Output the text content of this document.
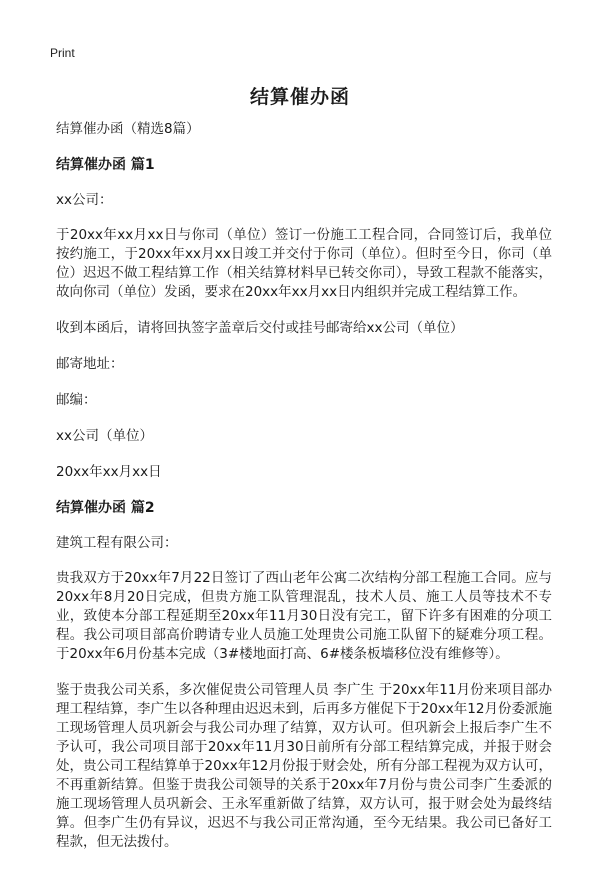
Print
结算催办函

结算催办函（精选8篇）

结算催办函 篇1

xx公司：

于20xx年xx月xx日与你司（单位）签订一份施工工程合同，合同签订后，我单位按约施工，于20xx年xx月xx日竣工并交付于你司（单位）。但时至今日，你司（单位）迟迟不做工程结算工作（相关结算材料早已转交你司），导致工程款不能落实，故向你司（单位）发函，要求在20xx年xx月xx日内组织并完成工程结算工作。

收到本函后，请将回执签字盖章后交付或挂号邮寄给xx公司（单位）

邮寄地址：

邮编：

xx公司（单位）

20xx年xx月xx日

结算催办函 篇2

建筑工程有限公司：

贵我双方于20xx年7月22日签订了西山老年公寓二次结构分部工程施工合同。应与20xx年8月20日完成，但贵方施工队管理混乱，技术人员、施工人员等技术不专业，致使本分部工程延期至20xx年11月30日没有完工，留下许多有困难的分项工程。我公司项目部高价聘请专业人员施工处理贵公司施工队留下的疑难分项工程。于20xx年6月份基本完成（3#楼地面打高、6#楼条板墙移位没有维修等）。

鉴于贵我公司关系，多次催促贵公司管理人员 李广生 于20xx年11月份来项目部办理工程结算，李广生以各种理由迟迟未到，后再多方催促下于20xx年12月份委派施工现场管理人员巩新会与我公司办理了结算，双方认可。但巩新会上报后李广生不予认可，我公司项目部于20xx年11月30日前所有分部工程结算完成，并报于财会处，贵公司工程结算单于20xx年12月份报于财会处，所有分部工程视为双方认可，不再重新结算。但鉴于贵我公司领导的关系于20xx年7月份与贵公司李广生委派的施工现场管理人员巩新会、王永军重新做了结算，双方认可，报于财会处为最终结算。但李广生仍有异议，迟迟不与我公司正常沟通，至今无结果。我公司已备好工程款，但无法拨付。
